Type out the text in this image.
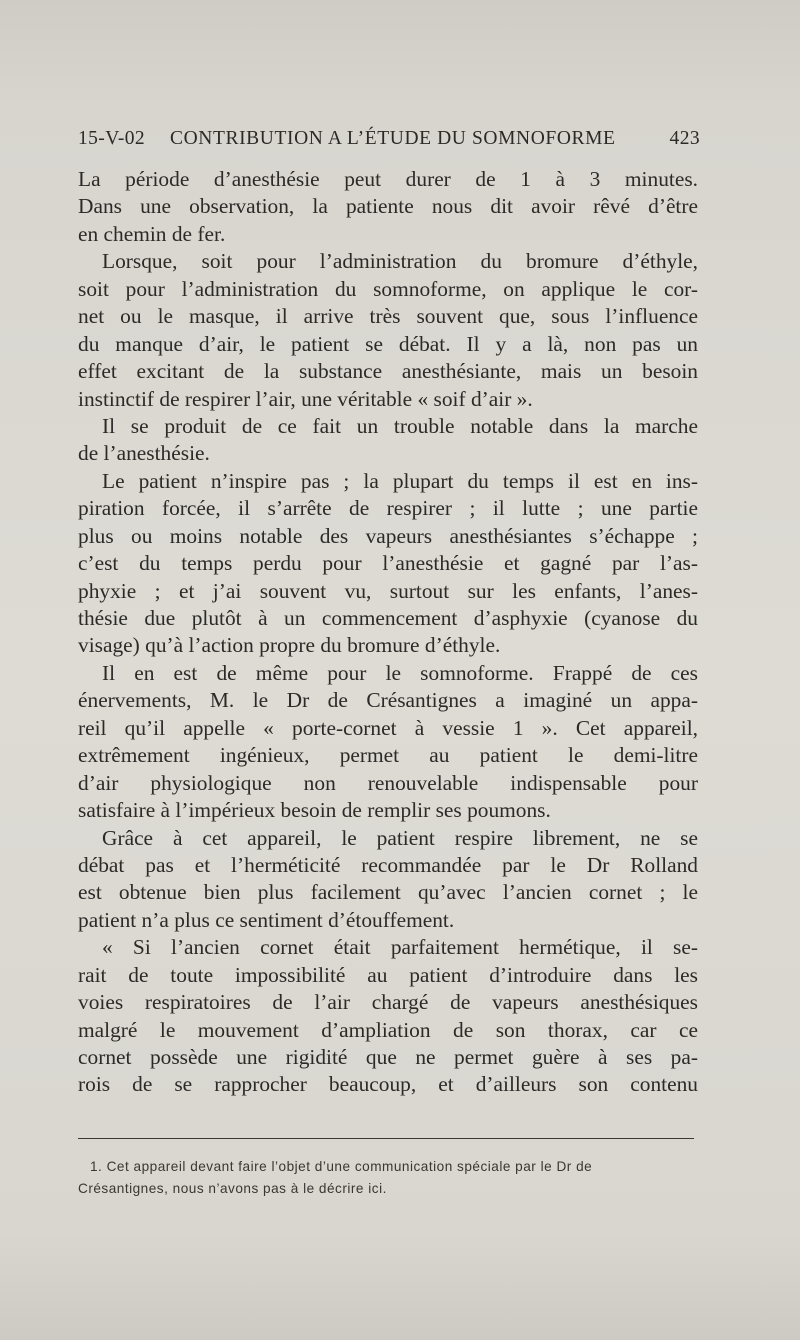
15-V-02 CONTRIBUTION A L’ÉTUDE DU SOMNOFORME	423
La période d’anesthésie peut durer de 1 à 3 minutes.
Dans une observation, la patiente nous dit avoir rêvé d’être
en chemin de fer.
Lorsque, soit pour l’administration du bromure d’éthyle,
soit pour l’administration du somnoforme, on applique le cor-
net ou le masque, il arrive très souvent que, sous l’influence
du manque d’air, le patient se débat. Il y a là, non pas un
effet excitant de la substance anesthésiante, mais un besoin
instinctif de respirer l’air, une véritable « soif d’air ».
Il se produit de ce fait un trouble notable dans la marche
de l’anesthésie.
Le patient n’inspire pas ; la plupart du temps il est en ins-
piration forcée, il s’arrête de respirer ; il lutte ; une partie
plus ou moins notable des vapeurs anesthésiantes s’échappe ;
c’est du temps perdu pour l’anesthésie et gagné par l’as-
phyxie ; et j’ai souvent vu, surtout sur les enfants, l’anes-
thésie due plutôt à un commencement d’asphyxie (cyanose du
visage) qu’à l’action propre du bromure d’éthyle.
Il en est de même pour le somnoforme. Frappé de ces
énervements, M. le Dr de Crésantignes a imaginé un appa-
reil qu’il appelle « porte-cornet à vessie 1 ». Cet appareil,
extrêmement ingénieux, permet au patient le demi-litre
d’air physiologique non renouvelable indispensable pour
satisfaire à l’impérieux besoin de remplir ses poumons.
Grâce à cet appareil, le patient respire librement, ne se
débat pas et l’herméticité recommandée par le Dr Rolland
est obtenue bien plus facilement qu’avec l’ancien cornet ; le
patient n’a plus ce sentiment d’étouffement.
« Si l’ancien cornet était parfaitement hermétique, il se-
rait de toute impossibilité au patient d’introduire dans les
voies respiratoires de l’air chargé de vapeurs anesthésiques
malgré le mouvement d’ampliation de son thorax, car ce
cornet possède une rigidité que ne permet guère à ses pa-
rois de se rapprocher beaucoup, et d’ailleurs son contenu
1. Cet appareil devant faire l’objet d’une communication spéciale par le Dr de
Crésantignes, nous n’avons pas à le décrire ici.
